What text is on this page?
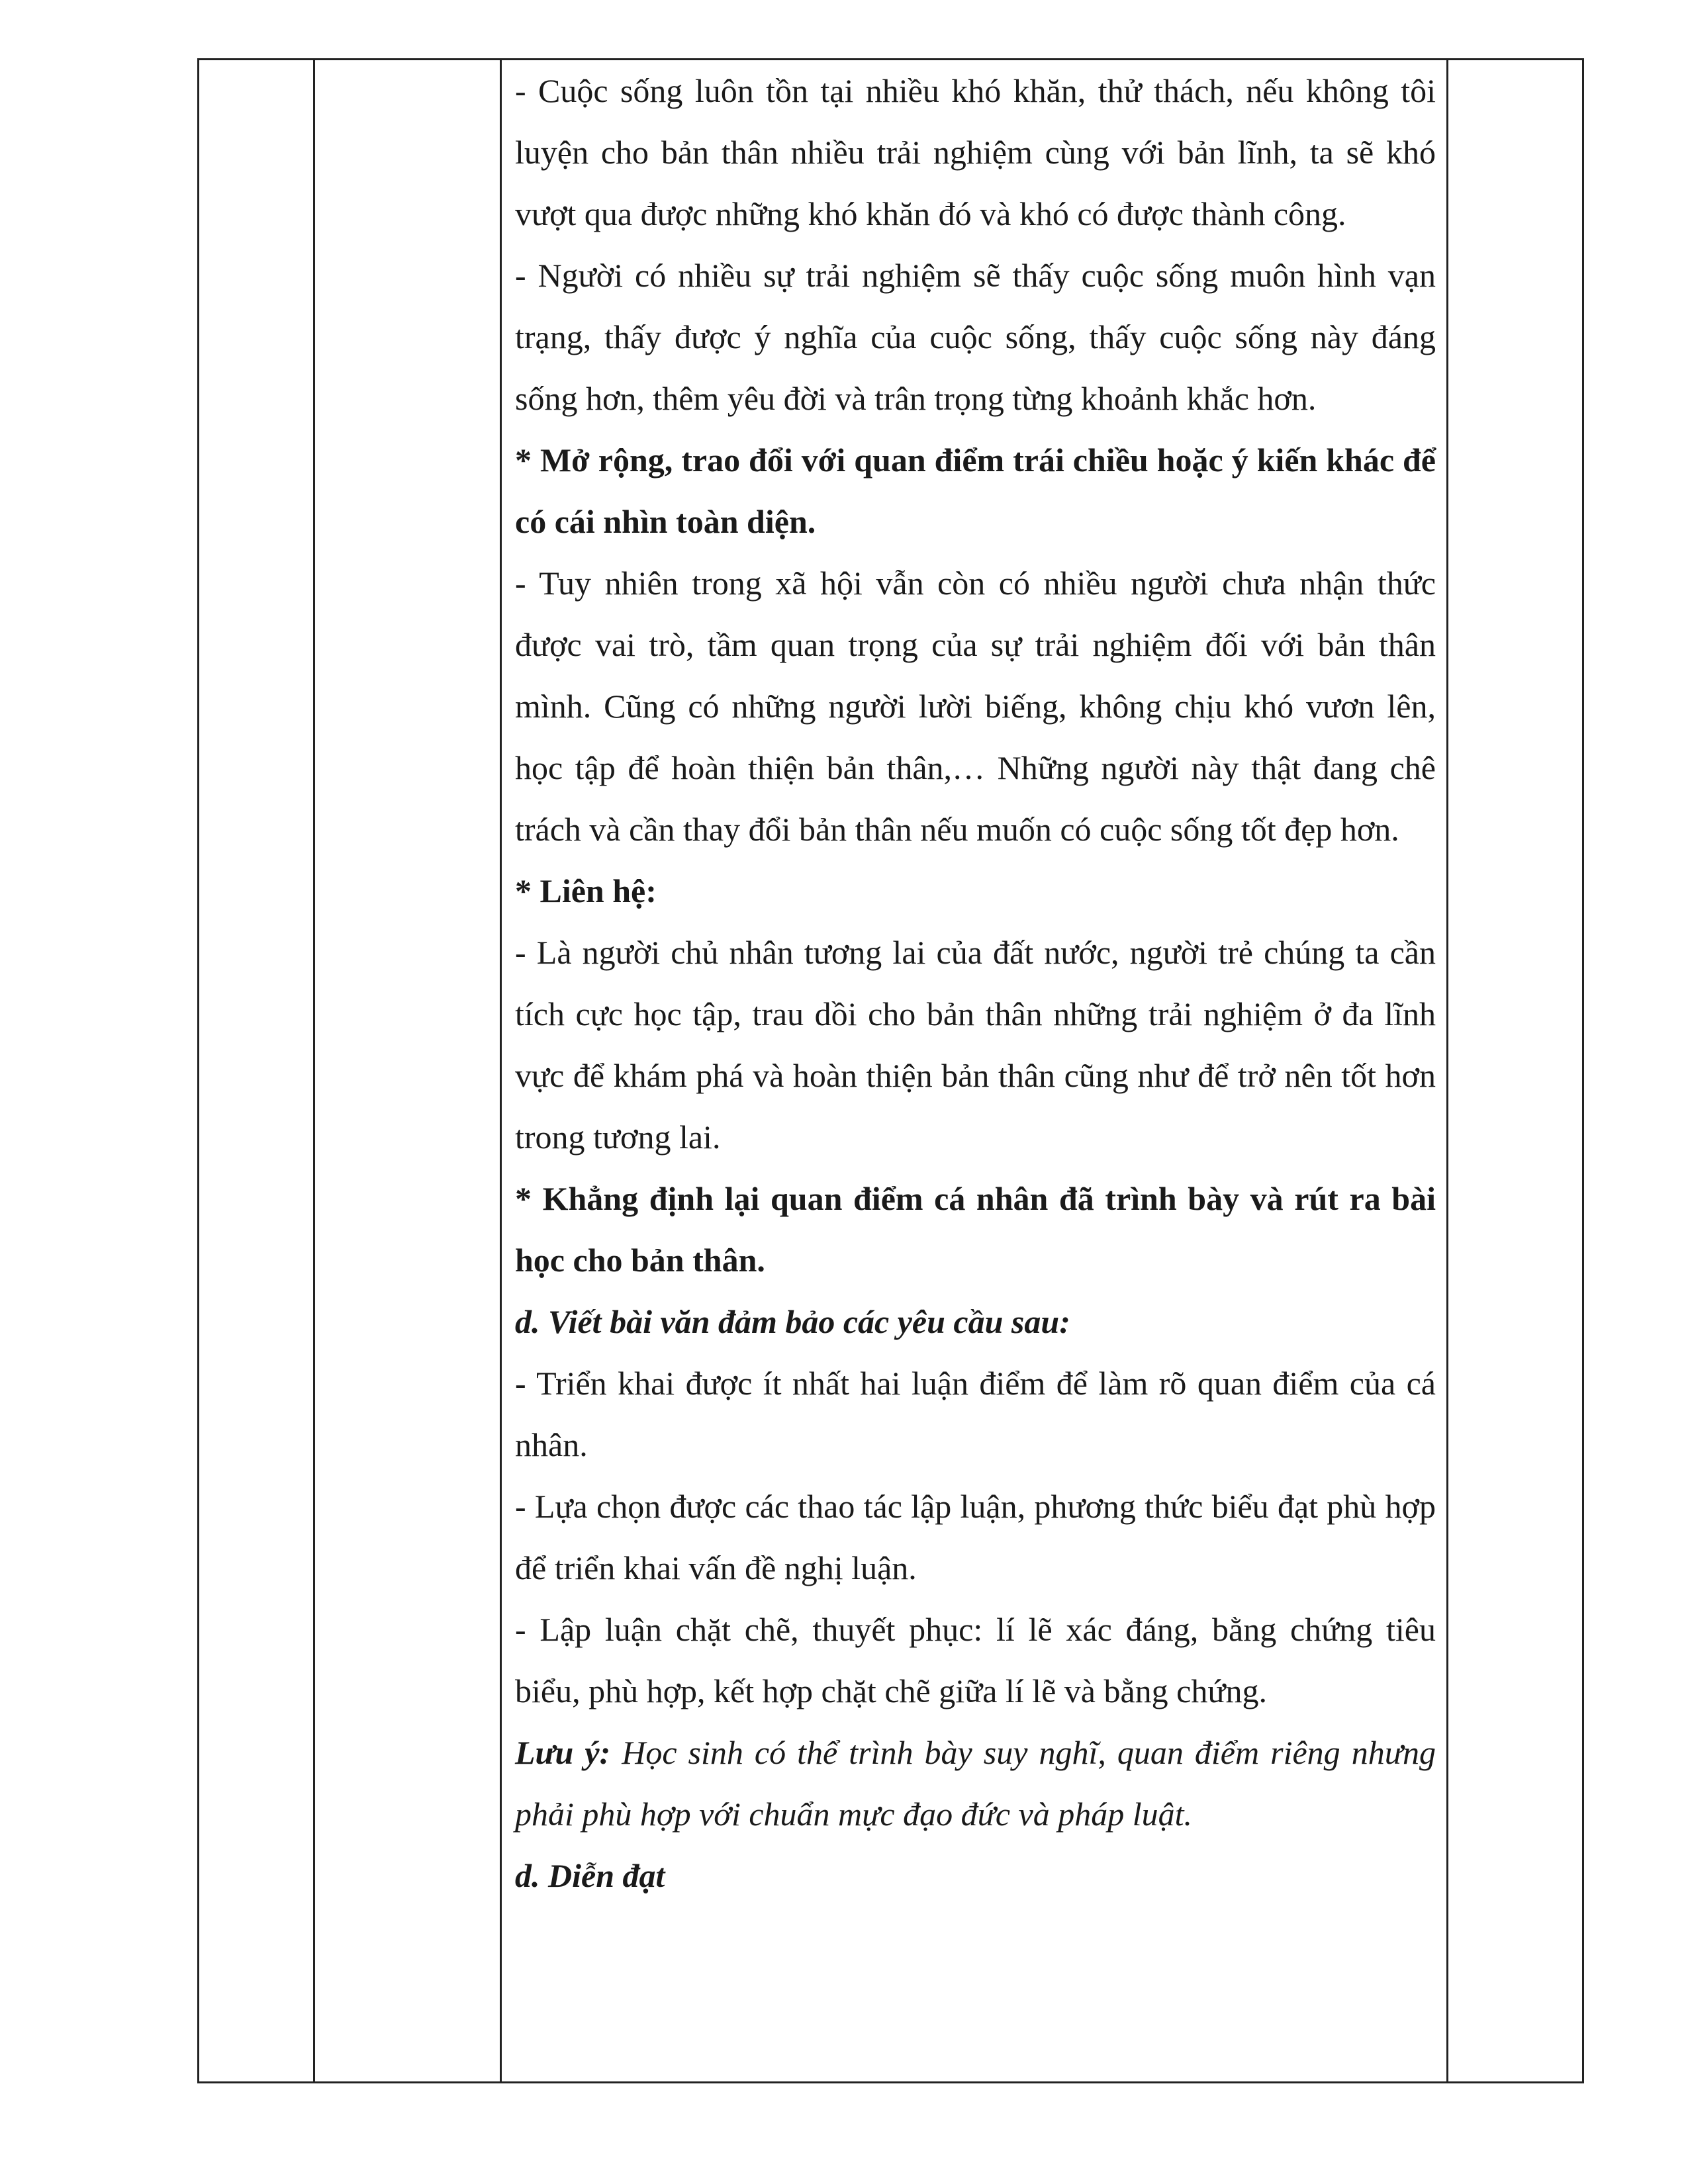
- Cuộc sống luôn tồn tại nhiều khó khăn, thử thách, nếu không tôi luyện cho bản thân nhiều trải nghiệm cùng với bản lĩnh, ta sẽ khó vượt qua được những khó khăn đó và khó có được thành công.

- Người có nhiều sự trải nghiệm sẽ thấy cuộc sống muôn hình vạn trạng, thấy được ý nghĩa của cuộc sống, thấy cuộc sống này đáng sống hơn, thêm yêu đời và trân trọng từng khoảnh khắc hơn.

* Mở rộng, trao đổi với quan điểm trái chiều hoặc ý kiến khác để có cái nhìn toàn diện.

- Tuy nhiên trong xã hội vẫn còn có nhiều người chưa nhận thức được vai trò, tầm quan trọng của sự trải nghiệm đối với bản thân mình. Cũng có những người lười biếng, không chịu khó vươn lên, học tập để hoàn thiện bản thân,… Những người này thật đang chê trách và cần thay đổi bản thân nếu muốn có cuộc sống tốt đẹp hơn.

* Liên hệ:

- Là người chủ nhân tương lai của đất nước, người trẻ chúng ta cần tích cực học tập, trau dồi cho bản thân những trải nghiệm ở đa lĩnh vực để khám phá và hoàn thiện bản thân cũng như để trở nên tốt hơn trong tương lai.

* Khẳng định lại quan điểm cá nhân đã trình bày và rút ra bài học cho bản thân.

d. Viết bài văn đảm bảo các yêu cầu sau:

- Triển khai được ít nhất hai luận điểm để làm rõ quan điểm của cá nhân.

- Lựa chọn được các thao tác lập luận, phương thức biểu đạt phù hợp để triển khai vấn đề nghị luận.

- Lập luận chặt chẽ, thuyết phục: lí lẽ xác đáng, bằng chứng tiêu biểu, phù hợp, kết hợp chặt chẽ giữa lí lẽ và bằng chứng.

Lưu ý: Học sinh có thể trình bày suy nghĩ, quan điểm riêng nhưng phải phù hợp với chuẩn mực đạo đức và pháp luật.

d. Diễn đạt
